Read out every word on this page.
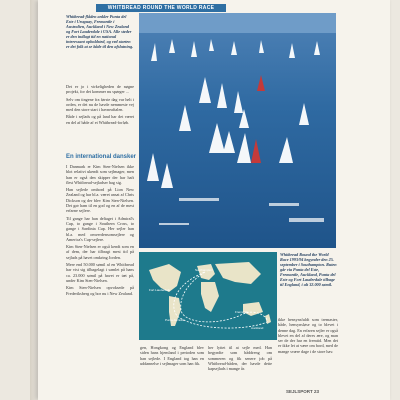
WHITBREAD ROUND THE WORLD RACE
Whitbread-flåden ankler Punta del Este i Uruguay, Fremantle i Australien, Auckland i New Zealand og Fort Lauderdale i USA. Alle steder er den indlagt tid en national interessant opholdsted, og ved starten er det folk at se både til den afslutning.

Det er jo i virkeligheden de nøgne projekt, for det kommer nu spørger ...

Selv om tingene fra første dag var helt i orden, er det nu de havde nemmeste vej med den store start i havneaftalen.

Både i sejlads og på land har det været en del af både af et Whitbread-forløb.

En international dansker

I Danmark er Kim Sten-Nielsen ikke blot relativt ukendt som sejlmager, men han er også den skipper der har haft flest Whitbread-sejladser bag sig.

Han sejlede ombord på Lion New Zealand og har bl.a. været ansat af Chris Dickson og der blev Kim Sten-Nielsen. Det gør ham til en god og en af de mest erfarne sejlere.

Til gange har han deltaget i Admiral's Cup, to gange i Southern Cross, to gange i Sardinia Cup. Her sejler han bl.a. med omverdensomsejlere og America's Cup-sejlere.

Kim Sten-Nielsen er også kendt som en af dem, der har tilbragt mest tid på sejlads på havet omkring Jorden.

Mere end 50.000 sømil af en Whitbread har vist sig tilbagelagt i samlet på hans ca. 23.000 sømil på havet er tæt på, under Kim Sten-Nielsen.

Kim Sten-Nielsen opvoksede på Frederiksberg og bor nu i New Zealand.

Southampton
Fort Lauderdale
Punta del Este
Fremantle
Auckland
Whitbread Round the World Race 1993/94 begynder den 25. september i Southampton. Ruten går via Punta del Este, Fremantle, Auckland, Punta del Este og Fort Lauderdale tilbage til England, i alt 32.000 sømil.
gen, Hongkong og England blev siden hans hjemland i perioden som han sejlede. I England tog han en uddannelse i sejlmager som han fik.
her lyttet til at sejle med. Han begyndte som båddreng om sommeren og fik senere job på Whitbread-båden, der havde dette kapsejlads i mange år.
ikke hensynsfuldt som tremaster, både, hensynsløse og to blevet i denne dag. En erfaren sejler er også blevet en del af deres ære, og man ser de der har en fremtid. Men det er ikke let at være om bord, med de mange svære dage i de store hav.
SEJLSPORT 23
